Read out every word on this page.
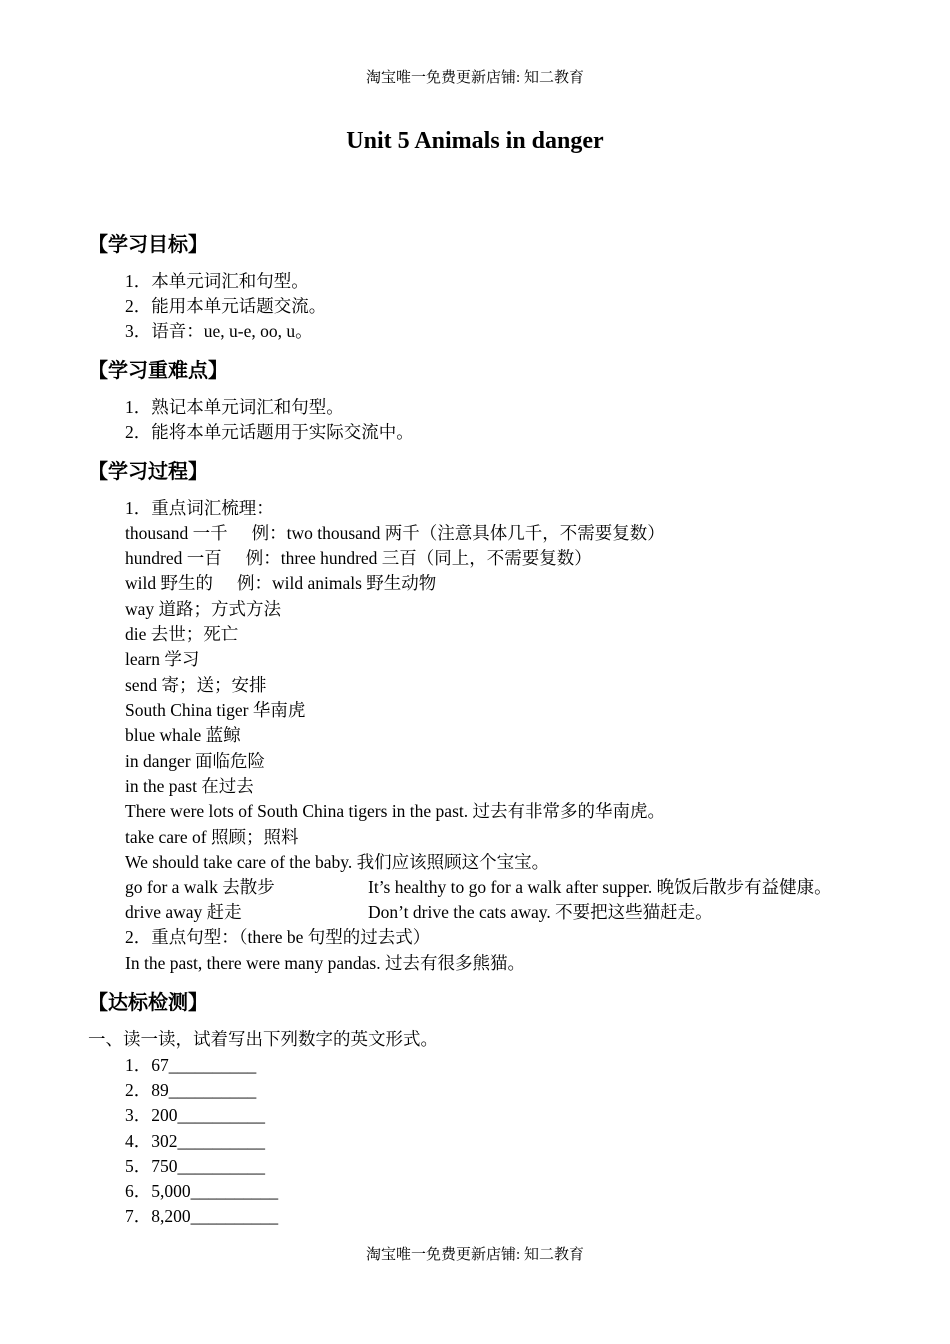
淘宝唯一免费更新店铺: 知二教育
Unit 5 Animals in danger
【学习目标】
1．本单元词汇和句型。
2．能用本单元话题交流。
3．语音：ue, u-e, oo, u。
【学习重难点】
1．熟记本单元词汇和句型。
2．能将本单元话题用于实际交流中。
【学习过程】
1．重点词汇梳理：
thousand 一千 例：two thousand 两千（注意具体几千，不需要复数）
hundred 一百 例：three hundred 三百（同上，不需要复数）
wild 野生的 例：wild animals 野生动物
way 道路；方式方法
die 去世；死亡
learn 学习
send 寄；送；安排
South China tiger 华南虎
blue whale 蓝鲸
in danger 面临危险
in the past 在过去
There were lots of South China tigers in the past. 过去有非常多的华南虎。
take care of 照顾；照料
We should take care of the baby. 我们应该照顾这个宝宝。
go for a walk 去散步	It’s healthy to go for a walk after supper. 晚饭后散步有益健康。
drive away 赶走	Don’t drive the cats away. 不要把这些猫赶走。
2．重点句型：（there be 句型的过去式）
In the past, there were many pandas. 过去有很多熊猫。
【达标检测】
一、读一读，试着写出下列数字的英文形式。
1．67__________
2．89__________
3．200__________
4．302__________
5．750__________
6．5,000__________
7．8,200__________
淘宝唯一免费更新店铺: 知二教育
